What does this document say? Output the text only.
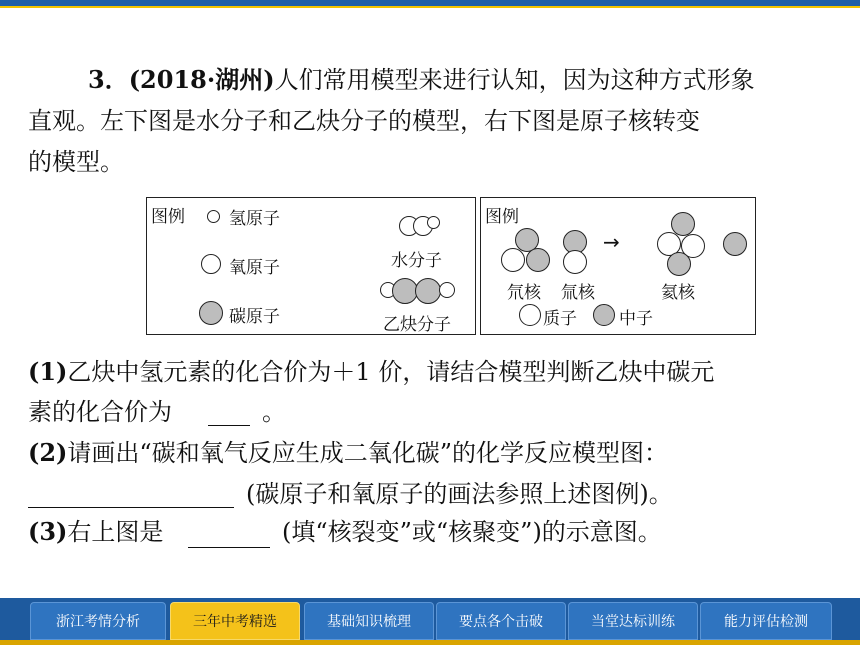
3．(2018·湖州)人们常用模型来进行认知，因为这种方式形象
直观。左下图是水分子和乙炔分子的模型，右下图是原子核转变
的模型。
图例	氢原子
氧原子
碳原子
水分子
乙炔分子
图例
→
氘核 氚核	氦核
质子 中子
(1)乙炔中氢元素的化合价为＋1 价，请结合模型判断乙炔中碳元
素的化合价为	。
(2)请画出“碳和氧气反应生成二氧化碳”的化学反应模型图：
(碳原子和氧原子的画法参照上述图例)。
(3)右上图是	(填“核裂变”或“核聚变”)的示意图。
浙江考情分析	三年中考精选	基础知识梳理	要点各个击破	当堂达标训练	能力评估检测
